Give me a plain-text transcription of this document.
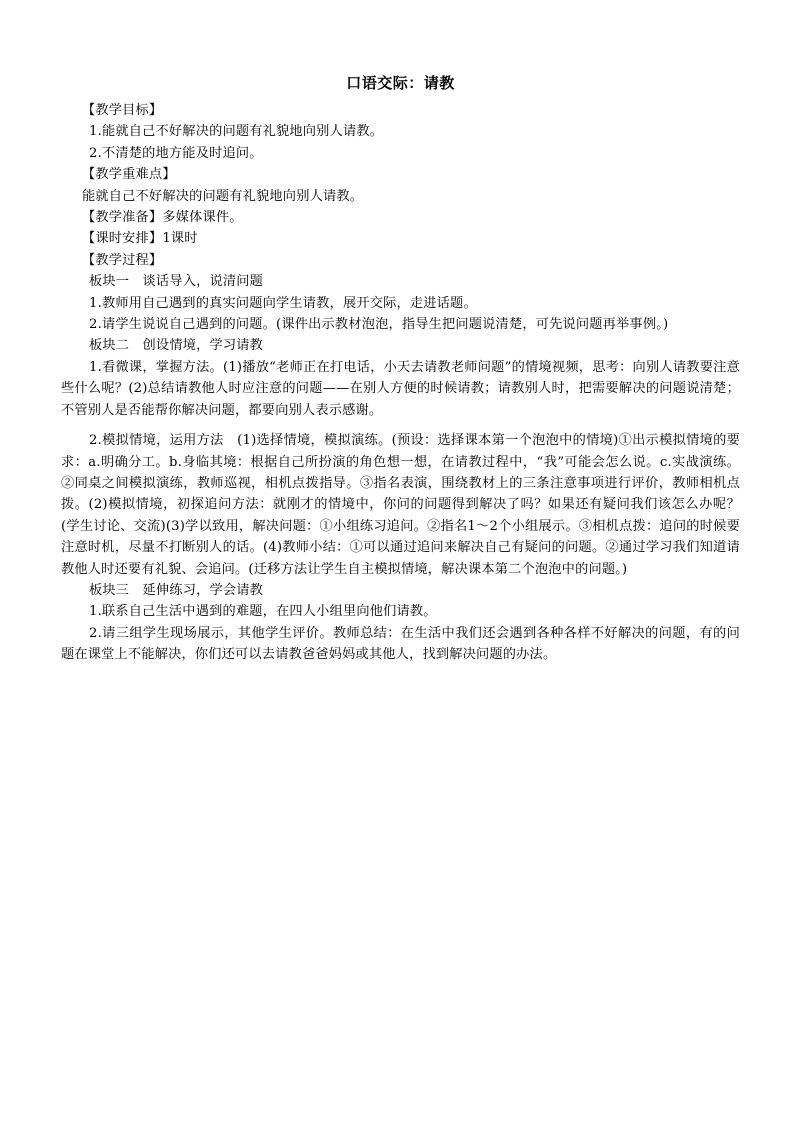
口语交际：请教

【教学目标】

1.能就自己不好解决的问题有礼貌地向别人请教。

2.不清楚的地方能及时追问。

【教学重难点】

能就自己不好解决的问题有礼貌地向别人请教。

【教学准备】多媒体课件。

【课时安排】1课时

【教学过程】

板块一　谈话导入，说清问题

1.教师用自己遇到的真实问题向学生请教，展开交际，走进话题。

2.请学生说说自己遇到的问题。(课件出示教材泡泡，指导生把问题说清楚，可先说问题再举事例。)

板块二　创设情境，学习请教

1.看微课，掌握方法。(1)播放“老师正在打电话，小天去请教老师问题”的情境视频，思考：向别人请教要注意些什么呢？(2)总结请教他人时应注意的问题——在别人方便的时候请教；请教别人时，把需要解决的问题说清楚；不管别人是否能帮你解决问题，都要向别人表示感谢。

2.模拟情境，运用方法　(1)选择情境，模拟演练。(预设：选择课本第一个泡泡中的情境)①出示模拟情境的要求：a.明确分工。b.身临其境：根据自己所扮演的角色想一想，在请教过程中，“我”可能会怎么说。c.实战演练。②同桌之间模拟演练，教师巡视，相机点拨指导。③指名表演，围绕教材上的三条注意事项进行评价，教师相机点拨。(2)模拟情境，初探追问方法：就刚才的情境中，你问的问题得到解决了吗？如果还有疑问我们该怎么办呢？(学生讨论、交流)(3)学以致用，解决问题：①小组练习追问。②指名1～2个小组展示。③相机点拨：追问的时候要注意时机，尽量不打断别人的话。(4)教师小结：①可以通过追问来解决自己有疑问的问题。②通过学习我们知道请教他人时还要有礼貌、会追问。(迁移方法让学生自主模拟情境，解决课本第二个泡泡中的问题。)

板块三　延伸练习，学会请教

1.联系自己生活中遇到的难题，在四人小组里向他们请教。

2.请三组学生现场展示，其他学生评价。教师总结：在生活中我们还会遇到各种各样不好解决的问题，有的问题在课堂上不能解决，你们还可以去请教爸爸妈妈或其他人，找到解决问题的办法。
